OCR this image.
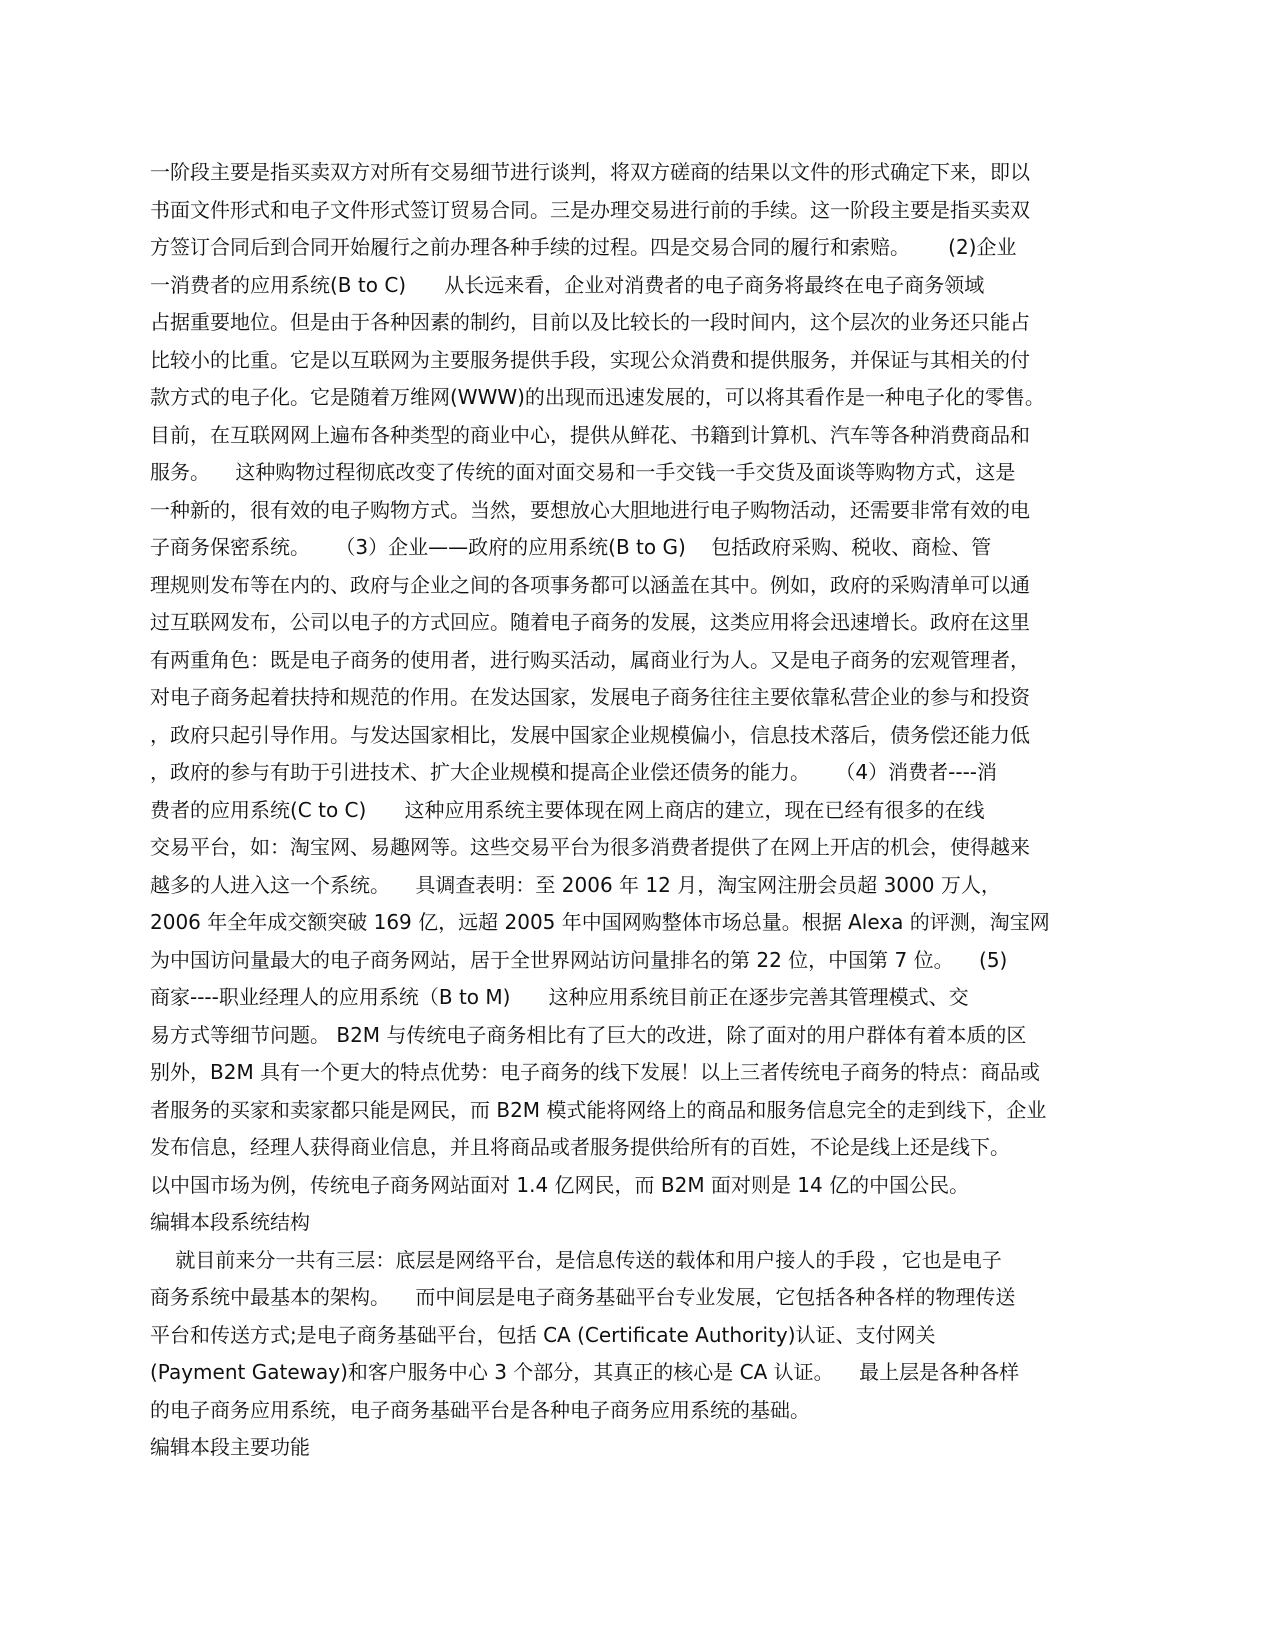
一阶段主要是指买卖双方对所有交易细节进行谈判，将双方磋商的结果以文件的形式确定下来，即以
书面文件形式和电子文件形式签订贸易合同。三是办理交易进行前的手续。这一阶段主要是指买卖双
方签订合同后到合同开始履行之前办理各种手续的过程。四是交易合同的履行和索赔。      (2)企业
一消费者的应用系统(B to C)      从长远来看，企业对消费者的电子商务将最终在电子商务领域
占据重要地位。但是由于各种因素的制约，目前以及比较长的一段时间内，这个层次的业务还只能占
比较小的比重。它是以互联网为主要服务提供手段，实现公众消费和提供服务，并保证与其相关的付
款方式的电子化。它是随着万维网(WWW)的出现而迅速发展的，可以将其看作是一种电子化的零售。
目前，在互联网网上遍布各种类型的商业中心，提供从鲜花、书籍到计算机、汽车等各种消费商品和
服务。    这种购物过程彻底改变了传统的面对面交易和一手交钱一手交货及面谈等购物方式，这是
一种新的，很有效的电子购物方式。当然，要想放心大胆地进行电子购物活动，还需要非常有效的电
子商务保密系统。    （3）企业——政府的应用系统(B to G)    包括政府采购、税收、商检、管
理规则发布等在内的、政府与企业之间的各项事务都可以涵盖在其中。例如，政府的采购清单可以通
过互联网发布，公司以电子的方式回应。随着电子商务的发展，这类应用将会迅速增长。政府在这里
有两重角色：既是电子商务的使用者，进行购买活动，属商业行为人。又是电子商务的宏观管理者，
对电子商务起着扶持和规范的作用。在发达国家，发展电子商务往往主要依靠私营企业的参与和投资
，政府只起引导作用。与发达国家相比，发展中国家企业规模偏小，信息技术落后，债务偿还能力低
，政府的参与有助于引进技术、扩大企业规模和提高企业偿还债务的能力。    （4）消费者----消
费者的应用系统(C to C)      这种应用系统主要体现在网上商店的建立，现在已经有很多的在线
交易平台，如：淘宝网、易趣网等。这些交易平台为很多消费者提供了在网上开店的机会，使得越来
越多的人进入这一个系统。    具调查表明：至 2006 年 12 月，淘宝网注册会员超 3000 万人，
2006 年全年成交额突破 169 亿，远超 2005 年中国网购整体市场总量。根据 Alexa 的评测，淘宝网
为中国访问量最大的电子商务网站，居于全世界网站访问量排名的第 22 位，中国第 7 位。    (5)
商家----职业经理人的应用系统（B to M)      这种应用系统目前正在逐步完善其管理模式、交
易方式等细节问题。 B2M 与传统电子商务相比有了巨大的改进，除了面对的用户群体有着本质的区
别外，B2M 具有一个更大的特点优势：电子商务的线下发展！以上三者传统电子商务的特点：商品或
者服务的买家和卖家都只能是网民，而 B2M 模式能将网络上的商品和服务信息完全的走到线下，企业
发布信息，经理人获得商业信息，并且将商品或者服务提供给所有的百姓，不论是线上还是线下。
以中国市场为例，传统电子商务网站面对 1.4 亿网民，而 B2M 面对则是 14 亿的中国公民。
编辑本段系统结构
就目前来分一共有三层：底层是网络平台，是信息传送的载体和用户接人的手段 ，它也是电子
商务系统中最基本的架构。    而中间层是电子商务基础平台专业发展，它包括各种各样的物理传送
平台和传送方式;是电子商务基础平台，包括 CA (Certificate Authority)认证、支付网关
(Payment Gateway)和客户服务中心 3 个部分，其真正的核心是 CA 认证。    最上层是各种各样
的电子商务应用系统，电子商务基础平台是各种电子商务应用系统的基础。
编辑本段主要功能
